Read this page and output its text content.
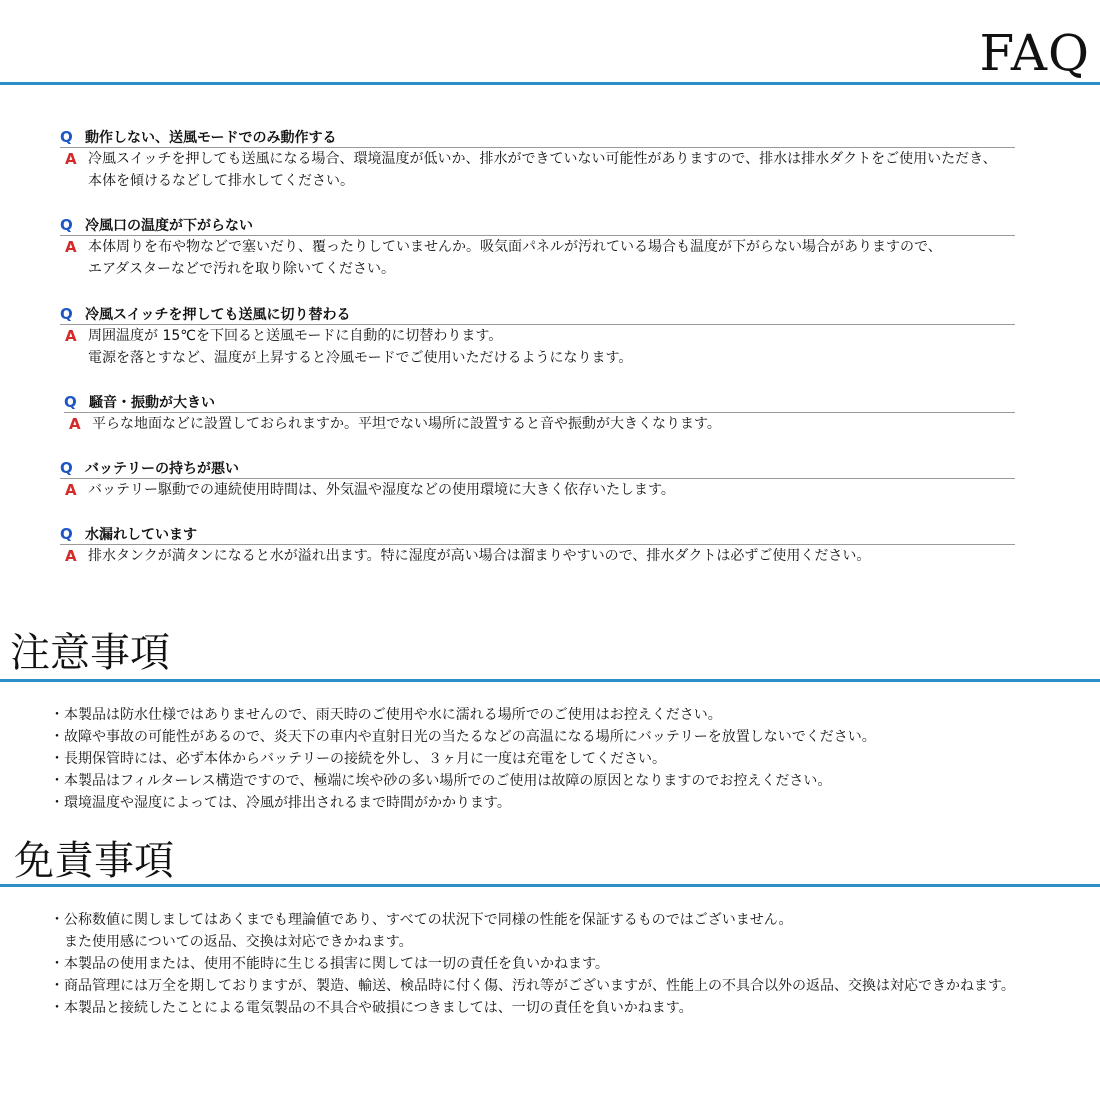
FAQ
Q 動作しない、送風モードでのみ動作する
A 冷風スイッチを押しても送風になる場合、環境温度が低いか、排水ができていない可能性がありますので、排水は排水ダクトをご使用いただき、
本体を傾けるなどして排水してください。
Q 冷風口の温度が下がらない
A 本体周りを布や物などで塞いだり、覆ったりしていませんか。吸気面パネルが汚れている場合も温度が下がらない場合がありますので、
エアダスターなどで汚れを取り除いてください。
Q 冷風スイッチを押しても送風に切り替わる
A 周囲温度が 15℃を下回ると送風モードに自動的に切替わります。
電源を落とすなど、温度が上昇すると冷風モードでご使用いただけるようになります。
Q 騒音・振動が大きい
A 平らな地面などに設置しておられますか。平坦でない場所に設置すると音や振動が大きくなります。
Q バッテリーの持ちが悪い
A バッテリー駆動での連続使用時間は、外気温や湿度などの使用環境に大きく依存いたします。
Q 水漏れしています
A 排水タンクが満タンになると水が溢れ出ます。特に湿度が高い場合は溜まりやすいので、排水ダクトは必ずご使用ください。
注意事項
・本製品は防水仕様ではありませんので、雨天時のご使用や水に濡れる場所でのご使用はお控えください。
・故障や事故の可能性があるので、炎天下の車内や直射日光の当たるなどの高温になる場所にバッテリーを放置しないでください。
・長期保管時には、必ず本体からバッテリーの接続を外し、３ヶ月に一度は充電をしてください。
・本製品はフィルターレス構造ですので、極端に埃や砂の多い場所でのご使用は故障の原因となりますのでお控えください。
・環境温度や湿度によっては、冷風が排出されるまで時間がかかります。
免責事項
・公称数値に関しましてはあくまでも理論値であり、すべての状況下で同様の性能を保証するものではございません。
また使用感についての返品、交換は対応できかねます。
・本製品の使用または、使用不能時に生じる損害に関しては一切の責任を負いかねます。
・商品管理には万全を期しておりますが、製造、輸送、検品時に付く傷、汚れ等がございますが、性能上の不具合以外の返品、交換は対応できかねます。
・本製品と接続したことによる電気製品の不具合や破損につきましては、一切の責任を負いかねます。
